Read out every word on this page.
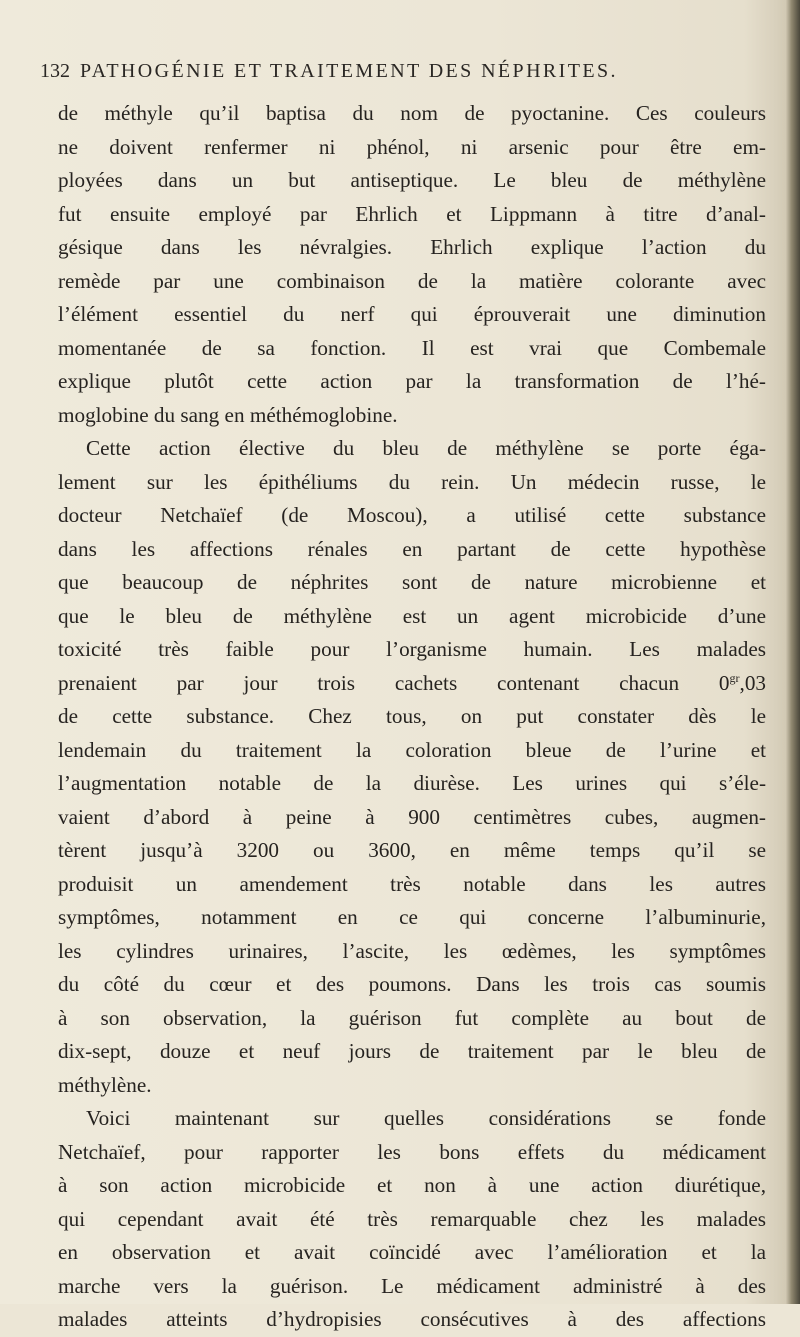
132 PATHOGÉNIE ET TRAITEMENT DES NÉPHRITES.
de méthyle qu’il baptisa du nom de pyoctanine. Ces couleurs
ne doivent renfermer ni phénol, ni arsenic pour être em-
ployées dans un but antiseptique. Le bleu de méthylène
fut ensuite employé par Ehrlich et Lippmann à titre d’anal-
gésique dans les névralgies. Ehrlich explique l’action du
remède par une combinaison de la matière colorante avec
l’élément essentiel du nerf qui éprouverait une diminution
momentanée de sa fonction. Il est vrai que Combemale
explique plutôt cette action par la transformation de l’hé-
moglobine du sang en méthémoglobine.
Cette action élective du bleu de méthylène se porte éga-
lement sur les épithéliums du rein. Un médecin russe, le
docteur Netchaïef (de Moscou), a utilisé cette substance
dans les affections rénales en partant de cette hypothèse
que beaucoup de néphrites sont de nature microbienne et
que le bleu de méthylène est un agent microbicide d’une
toxicité très faible pour l’organisme humain. Les malades
prenaient par jour trois cachets contenant chacun $0^{gr},03$
de cette substance. Chez tous, on put constater dès le
lendemain du traitement la coloration bleue de l’urine et
l’augmentation notable de la diurèse. Les urines qui s’éle-
vaient d’abord à peine à 900 centimètres cubes, augmen-
tèrent jusqu’à 3200 ou 3600, en même temps qu’il se
produisit un amendement très notable dans les autres
symptômes, notamment en ce qui concerne l’albuminurie,
les cylindres urinaires, l’ascite, les œdèmes, les symptômes
du côté du cœur et des poumons. Dans les trois cas soumis
à son observation, la guérison fut complète au bout de
dix-sept, douze et neuf jours de traitement par le bleu de
méthylène.
Voici maintenant sur quelles considérations se fonde
Netchaïef, pour rapporter les bons effets du médicament
à son action microbicide et non à une action diurétique,
qui cependant avait été très remarquable chez les malades
en observation et avait coïncidé avec l’amélioration et la
marche vers la guérison. Le médicament administré à des
malades atteints d’hydropisies consécutives à des affections
